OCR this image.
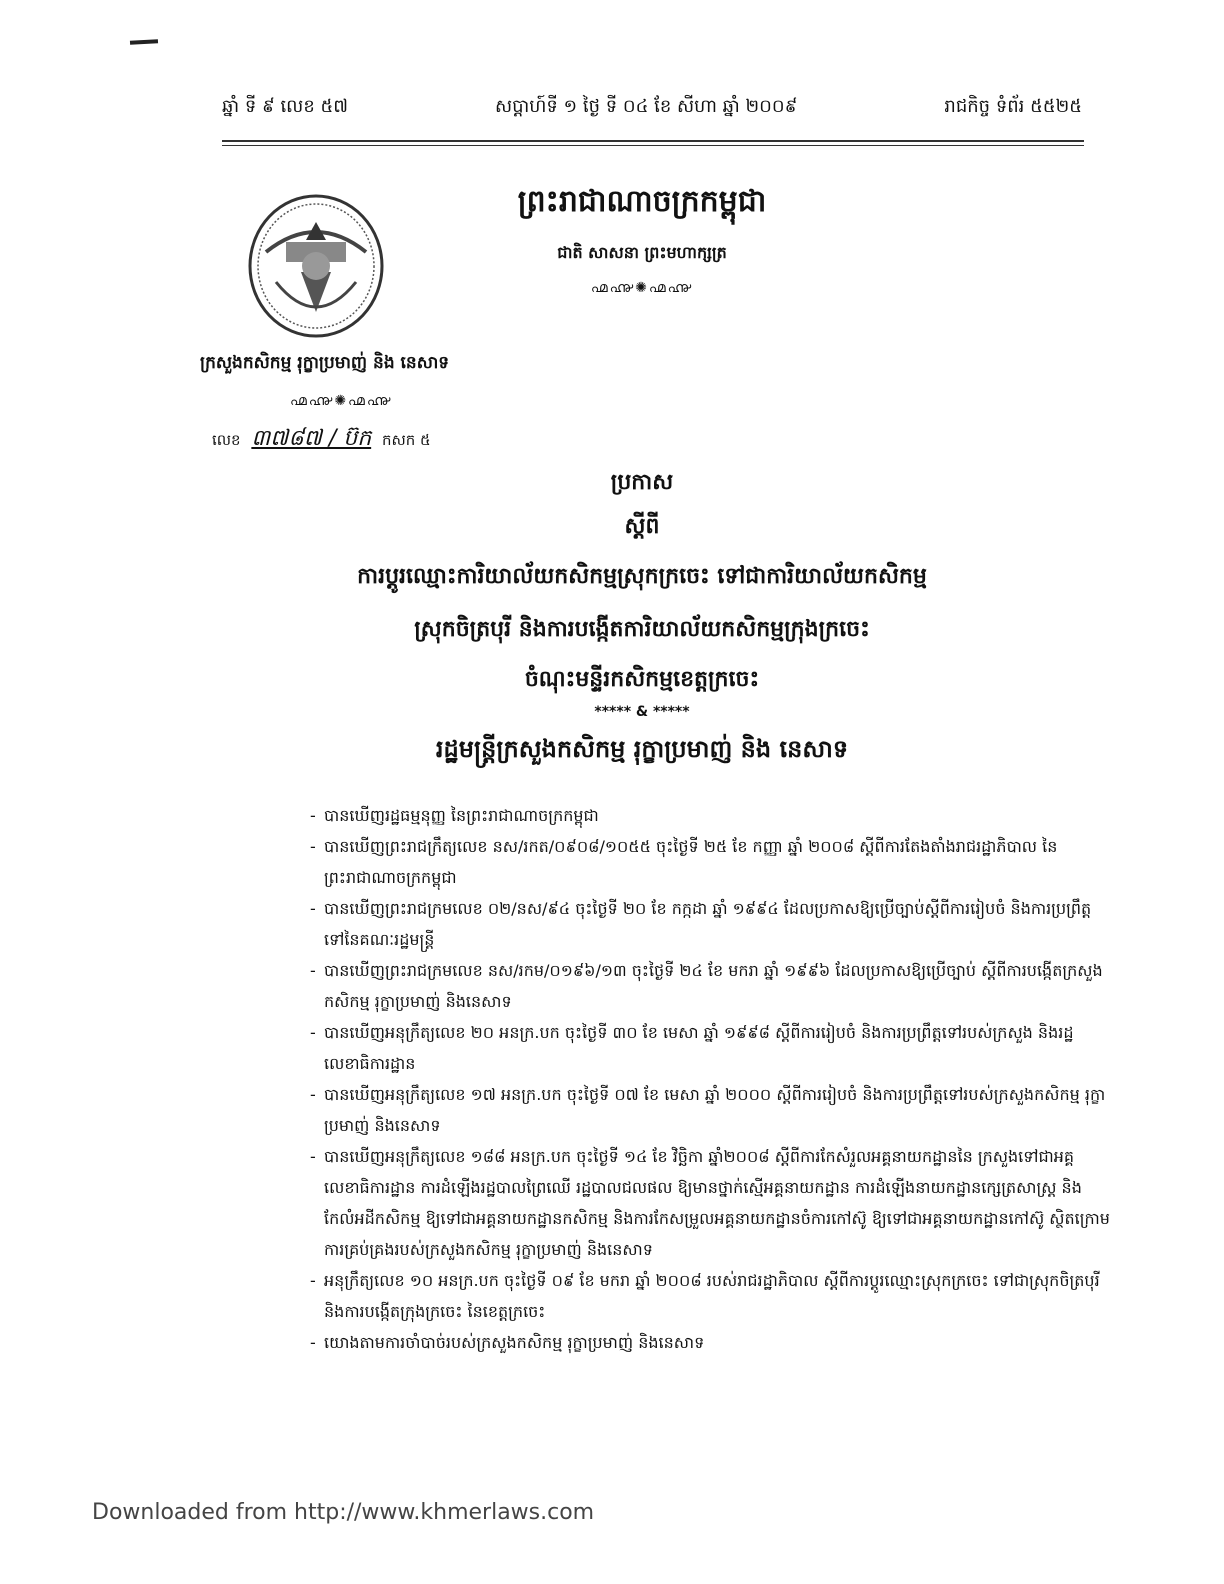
ឆ្នាំ ទី ៩ លេខ ៥៧	សប្តាហ៍ទី ១ ថ្ងៃ ទី ០៤ ខែ សីហា ឆ្នាំ ២០០៩	រាជកិច្ច ទំព័រ ៥៥២៥
ព្រះរាជាណាចក្រកម្ពុជា
ជាតិ សាសនា ព្រះមហាក្សត្រ
൶൷✺൶൷
ក្រសួងកសិកម្ម រុក្ខាប្រមាញ់ និង នេសាទ
൶൷✺൶൷
លេខ ៣៧៨៧ / ប៊ក កសក ៥
ប្រកាស
ស្តីពី
ការប្តូរឈ្មោះការិយាល័យកសិកម្មស្រុកក្រចេះ ទៅជាការិយាល័យកសិកម្ម
ស្រុកចិត្របុរី និងការបង្កើតការិយាល័យកសិកម្មក្រុងក្រចេះ
ចំណុះមន្ទីរកសិកម្មខេត្តក្រចេះ
***** & *****
រដ្ឋមន្ត្រីក្រសួងកសិកម្ម រុក្ខាប្រមាញ់ និង នេសាទ
- បានឃើញរដ្ឋធម្មនុញ្ញ នៃព្រះរាជាណាចក្រកម្ពុជា
- បានឃើញព្រះរាជក្រឹត្យលេខ នស/រកត/០៩០៨/១០៥៥ ចុះថ្ងៃទី ២៥ ខែ កញ្ញា ឆ្នាំ ២០០៨ ស្តីពីការតែងតាំងរាជរដ្ឋាភិបាល នៃព្រះរាជាណាចក្រកម្ពុជា
- បានឃើញព្រះរាជក្រមលេខ ០២/នស/៩៤ ចុះថ្ងៃទី ២០ ខែ កក្កដា ឆ្នាំ ១៩៩៤ ដែលប្រកាសឱ្យប្រើច្បាប់ស្តីពីការរៀបចំ និងការប្រព្រឹត្តទៅនៃគណៈរដ្ឋមន្ត្រី
- បានឃើញព្រះរាជក្រមលេខ នស/រកម/០១៩៦/១៣ ចុះថ្ងៃទី ២៤ ខែ មករា ឆ្នាំ ១៩៩៦ ដែលប្រកាសឱ្យប្រើច្បាប់ ស្តីពីការបង្កើតក្រសួងកសិកម្ម រុក្ខាប្រមាញ់ និងនេសាទ
- បានឃើញអនុក្រឹត្យលេខ ២០ អនក្រ.បក ចុះថ្ងៃទី ៣០ ខែ មេសា ឆ្នាំ ១៩៩៨ ស្តីពីការរៀបចំ និងការប្រព្រឹត្តទៅរបស់ក្រសួង និងរដ្ឋលេខាធិការដ្ឋាន
- បានឃើញអនុក្រឹត្យលេខ ១៧ អនក្រ.បក ចុះថ្ងៃទី ០៧ ខែ មេសា ឆ្នាំ ២០០០ ស្តីពីការរៀបចំ និងការប្រព្រឹត្តទៅរបស់ក្រសួងកសិកម្ម រុក្ខាប្រមាញ់ និងនេសាទ
- បានឃើញអនុក្រឹត្យលេខ ១៨៨ អនក្រ.បក ចុះថ្ងៃទី ១៤ ខែ វិច្ឆិកា ឆ្នាំ២០០៨ ស្តីពីការកែសំរួលអគ្គនាយកដ្ឋាននៃ ក្រសួងទៅជាអគ្គលេខាធិការដ្ឋាន ការដំឡើងរដ្ឋបាលព្រៃឈើ រដ្ឋបាលជលផល ឱ្យមានថ្នាក់ស្មើអគ្គនាយកដ្ឋាន ការដំឡើងនាយកដ្ឋានក្សេត្រសាស្ត្រ និងកែលំអដីកសិកម្ម ឱ្យទៅជាអគ្គនាយកដ្ឋានកសិកម្ម និងការកែសម្រួលអគ្គនាយកដ្ឋានចំការកៅស៊ូ ឱ្យទៅជាអគ្គនាយកដ្ឋានកៅស៊ូ ស្ថិតក្រោមការគ្រប់គ្រងរបស់ក្រសួងកសិកម្ម រុក្ខាប្រមាញ់ និងនេសាទ
- អនុក្រឹត្យលេខ ១០ អនក្រ.បក ចុះថ្ងៃទី ០៩ ខែ មករា ឆ្នាំ ២០០៨ របស់រាជរដ្ឋាភិបាល ស្តីពីការប្តូរឈ្មោះស្រុកក្រចេះ ទៅជាស្រុកចិត្របុរី និងការបង្កើតក្រុងក្រចេះ នៃខេត្តក្រចេះ
- យោងតាមការចាំបាច់របស់ក្រសួងកសិកម្ម រុក្ខាប្រមាញ់ និងនេសាទ
Downloaded from http://www.khmerlaws.com
